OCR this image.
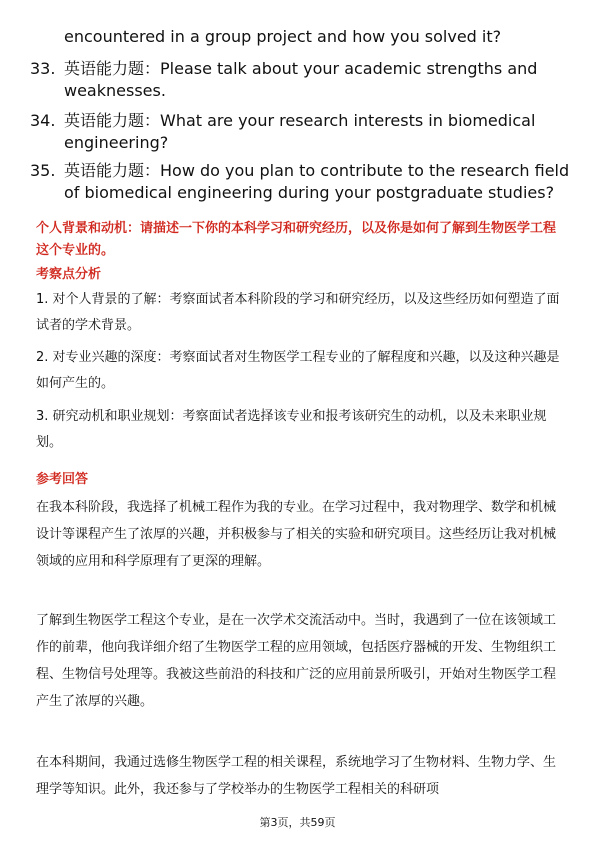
encountered in a group project and how you solved it?
33. 英语能力题：Please talk about your academic strengths and weaknesses.
34. 英语能力题：What are your research interests in biomedical engineering?
35. 英语能力题：How do you plan to contribute to the research field of biomedical engineering during your postgraduate studies?
个人背景和动机：请描述一下你的本科学习和研究经历，以及你是如何了解到生物医学工程这个专业的。
考察点分析
1. 对个人背景的了解：考察面试者本科阶段的学习和研究经历，以及这些经历如何塑造了面试者的学术背景。
2. 对专业兴趣的深度：考察面试者对生物医学工程专业的了解程度和兴趣，以及这种兴趣是如何产生的。
3. 研究动机和职业规划：考察面试者选择该专业和报考该研究生的动机，以及未来职业规划。
参考回答
在我本科阶段，我选择了机械工程作为我的专业。在学习过程中，我对物理学、数学和机械设计等课程产生了浓厚的兴趣，并积极参与了相关的实验和研究项目。这些经历让我对机械领域的应用和科学原理有了更深的理解。
了解到生物医学工程这个专业，是在一次学术交流活动中。当时，我遇到了一位在该领域工作的前辈，他向我详细介绍了生物医学工程的应用领域，包括医疗器械的开发、生物组织工程、生物信号处理等。我被这些前沿的科技和广泛的应用前景所吸引，开始对生物医学工程产生了浓厚的兴趣。
在本科期间，我通过选修生物医学工程的相关课程，系统地学习了生物材料、生物力学、生理学等知识。此外，我还参与了学校举办的生物医学工程相关的科研项
第3页，共59页
